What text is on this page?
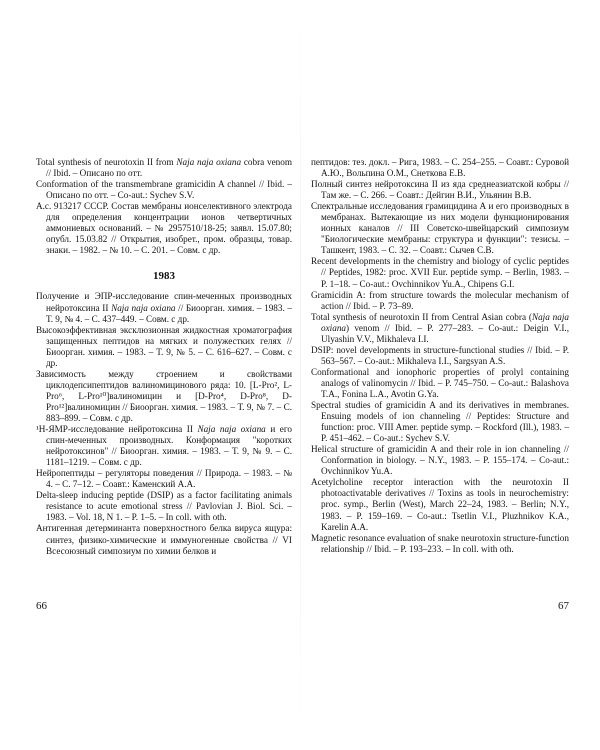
Total synthesis of neurotoxin II from Naja naja oxiana cobra venom // Ibid. – Описано по отт.

Conformation of the transmembrane gramicidin A channel // Ibid. – Описано по отт. – Co-aut.: Sychev S.V.

А.с. 913217 СССР. Состав мембраны ионселективного электрода для определения концентрации ионов четвертичных аммониевых оснований. – № 2957510/18-25; заявл. 15.07.80; опубл. 15.03.82 // Открытия, изобрет., пром. образцы, товар. знаки. – 1982. – № 10. – С. 201. – Совм. с др.

1983

Получение и ЭПР-исследование спин-меченных производных нейротоксина II Naja naja oxiana // Биоорган. химия. – 1983. – Т. 9, № 4. – С. 437–449. – Совм. с др.

Высокоэффективная эксклюзионная жидкостная хроматография защищенных пептидов на мягких и полужестких гелях // Биоорган. химия. – 1983. – Т. 9, № 5. – С. 616–627. – Совм. с др.

Зависимость между строением и свойствами циклодепсипептидов валиномицинового ряда: 10. [L-Pro², L-Pro⁶, L-Pro¹⁰]валиномицин и [D-Pro⁴, D-Pro⁸, D-Pro¹²]валиномицин // Биоорган. химия. – 1983. – Т. 9, № 7. – С. 883–899. – Совм. с др.

¹H-ЯМР-исследование нейротоксина II Naja naja oxiana и его спин-меченных производных. Конформация "коротких нейротоксинов" // Биоорган. химия. – 1983. – Т. 9, № 9. – С. 1181–1219. – Совм. с др.

Нейропептиды – регуляторы поведения // Природа. – 1983. – № 4. – С. 7–12. – Соавт.: Каменский А.А.

Delta-sleep inducing peptide (DSIP) as a factor facilitating animals resistance to acute emotional stress // Pavlovian J. Biol. Sci. – 1983. – Vol. 18, N 1. – P. 1–5. – In coll. with oth.

Антигенная детерминанта поверхностного белка вируса ящура: синтез, физико-химические и иммуногенные свойства // VI Всесоюзный симпозиум по химии белков и

66

пептидов: тез. докл. – Рига, 1983. – С. 254–255. – Соавт.: Суровой А.Ю., Вольпина О.М., Снеткова Е.В.

Полный синтез нейротоксина II из яда среднеазиатской кобры // Там же. – С. 266. – Соавт.: Дейгин В.И., Ульянин В.В.

Спектральные исследования грамицидина А и его производных в мембранах. Вытекающие из них модели функционирования ионных каналов // III Советско-швейцарский симпозиум "Биологические мембраны: структура и функции": тезисы. – Ташкент, 1983. – С. 32. – Соавт.: Сычев С.В.

Recent developments in the chemistry and biology of cyclic peptides // Peptides, 1982: proc. XVII Eur. peptide symp. – Berlin, 1983. – P. 1–18. – Co-aut.: Ovchinnikov Yu.A., Chipens G.I.

Gramicidin A: from structure towards the molecular mechanism of action // Ibid. – P. 73–89.

Total synthesis of neurotoxin II from Central Asian cobra (Naja naja oxiana) venom // Ibid. – P. 277–283. – Co-aut.: Deigin V.I., Ulyashin V.V., Mikhaleva I.I.

DSIP: novel developments in structure-functional studies // Ibid. – P. 563–567. – Co-aut.: Mikhaleva I.I., Sargsyan A.S.

Conformational and ionophoric properties of prolyl containing analogs of valinomycin // Ibid. – P. 745–750. – Co-aut.: Balashova T.A., Fonina L.A., Avotin G.Ya.

Spectral studies of gramicidin A and its derivatives in membranes. Ensuing models of ion channeling // Peptides: Structure and function: proc. VIII Amer. peptide symp. – Rockford (Ill.), 1983. – P. 451–462. – Co-aut.: Sychev S.V.

Helical structure of gramicidin A and their role in ion channeling // Conformation in biology. – N.Y., 1983. – P. 155–174. – Co-aut.: Ovchinnikov Yu.A.

Acetylcholine receptor interaction with the neurotoxin II photoactivatable derivatives // Toxins as tools in neurochemistry: proc. symp., Berlin (West), March 22–24, 1983. – Berlin; N.Y., 1983. – P. 159–169. – Co-aut.: Tsetlin V.I., Pluzhnikov K.A., Karelin A.A.

Magnetic resonance evaluation of snake neurotoxin structure-function relationship // Ibid. – P. 193–233. – In coll. with oth.

67
